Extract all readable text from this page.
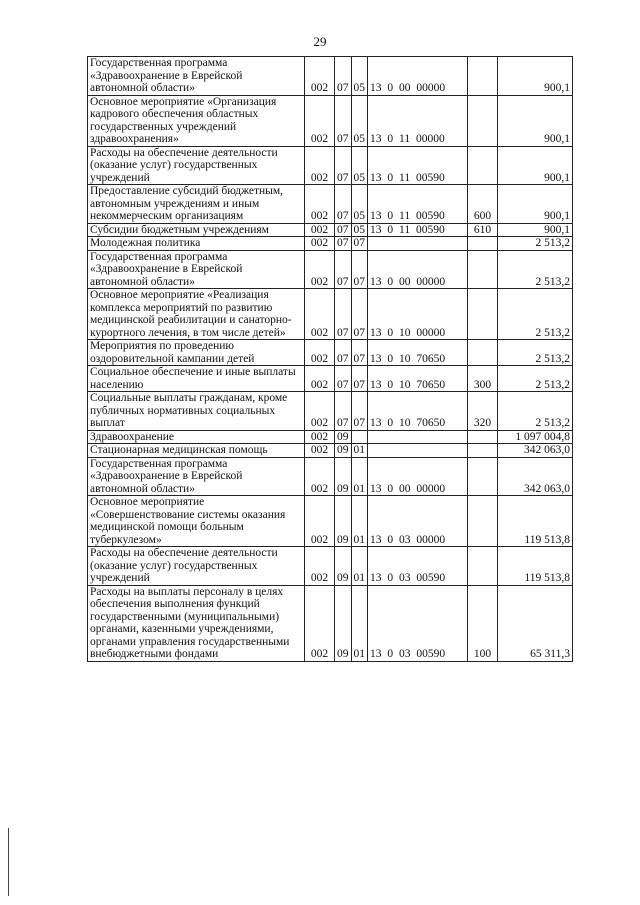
29
Государственная программа «Здравоохранение в Еврейской автономной области»	002	07	05	13 0 00 00000		900,1
Основное мероприятие «Организация кадрового обеспечения областных государственных учреждений здравоохранения»	002	07	05	13 0 11 00000		900,1
Расходы на обеспечение деятельности (оказание услуг) государственных учреждений	002	07	05	13 0 11 00590		900,1
Предоставление субсидий бюджетным, автономным учреждениям и иным некоммерческим организациям	002	07	05	13 0 11 00590	600	900,1
Субсидии бюджетным учреждениям	002	07	05	13 0 11 00590	610	900,1
Молодежная политика	002	07	07			2 513,2
Государственная программа «Здравоохранение в Еврейской автономной области»	002	07	07	13 0 00 00000		2 513,2
Основное мероприятие «Реализация комплекса мероприятий по развитию медицинской реабилитации и санаторно-курортного лечения, в том числе детей»	002	07	07	13 0 10 00000		2 513,2
Мероприятия по проведению оздоровительной кампании детей	002	07	07	13 0 10 70650		2 513,2
Социальное обеспечение и иные выплаты населению	002	07	07	13 0 10 70650	300	2 513,2
Социальные выплаты гражданам, кроме публичных нормативных социальных выплат	002	07	07	13 0 10 70650	320	2 513,2
Здравоохранение	002	09				1 097 004,8
Стационарная медицинская помощь	002	09	01			342 063,0
Государственная программа «Здравоохранение в Еврейской автономной области»	002	09	01	13 0 00 00000		342 063,0
Основное мероприятие «Совершенствование системы оказания медицинской помощи больным туберкулезом»	002	09	01	13 0 03 00000		119 513,8
Расходы на обеспечение деятельности (оказание услуг) государственных учреждений	002	09	01	13 0 03 00590		119 513,8
Расходы на выплаты персоналу в целях обеспечения выполнения функций государственными (муниципальными) органами, казенными учреждениями, органами управления государственными внебюджетными фондами	002	09	01	13 0 03 00590	100	65 311,3
